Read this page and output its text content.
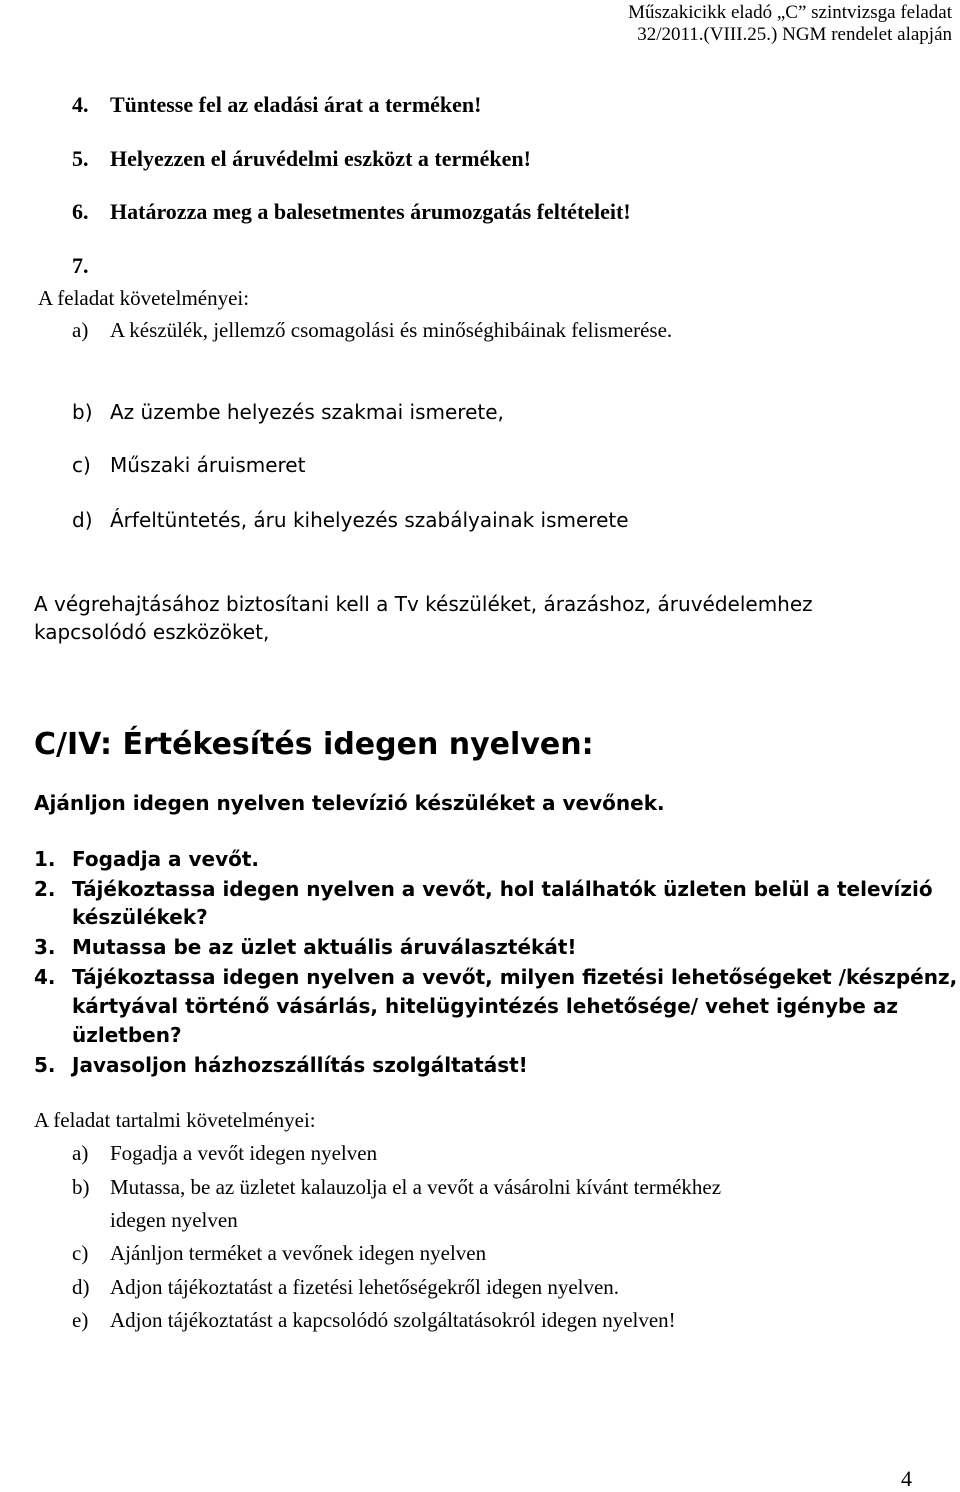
Műszakicikk eladó „C” szintvizsga feladat
32/2011.(VIII.25.) NGM rendelet alapján
4. Tüntesse fel az eladási árat a terméken!
5. Helyezzen el áruvédelmi eszközt a terméken!
6. Határozza meg a balesetmentes árumozgatás feltételeit!
7.
A feladat követelményei:
a) A készülék, jellemző csomagolási és minőséghibáinak felismerése.
b) Az üzembe helyezés szakmai ismerete,
c) Műszaki áruismeret
d) Árfeltüntetés, áru kihelyezés szabályainak ismerete
A végrehajtásához biztosítani kell a Tv készüléket, árazáshoz, áruvédelemhez
kapcsolódó eszközöket,
C/IV: Értékesítés idegen nyelven:
Ajánljon idegen nyelven televízió készüléket a vevőnek.
1. Fogadja a vevőt.
2. Tájékoztassa idegen nyelven a vevőt, hol találhatók üzleten belül a televízió
készülékek?
3. Mutassa be az üzlet aktuális áruválasztékát!
4. Tájékoztassa idegen nyelven a vevőt, milyen fizetési lehetőségeket /készpénz,
kártyával történő vásárlás, hitelügyintézés lehetősége/ vehet igénybe az
üzletben?
5. Javasoljon házhozszállítás szolgáltatást!
A feladat tartalmi követelményei:
a) Fogadja a vevőt idegen nyelven
b) Mutassa, be az üzletet kalauzolja el a vevőt a vásárolni kívánt termékhez
idegen nyelven
c) Ajánljon terméket a vevőnek idegen nyelven
d) Adjon tájékoztatást a fizetési lehetőségekről idegen nyelven.
e) Adjon tájékoztatást a kapcsolódó szolgáltatásokról idegen nyelven!
4
